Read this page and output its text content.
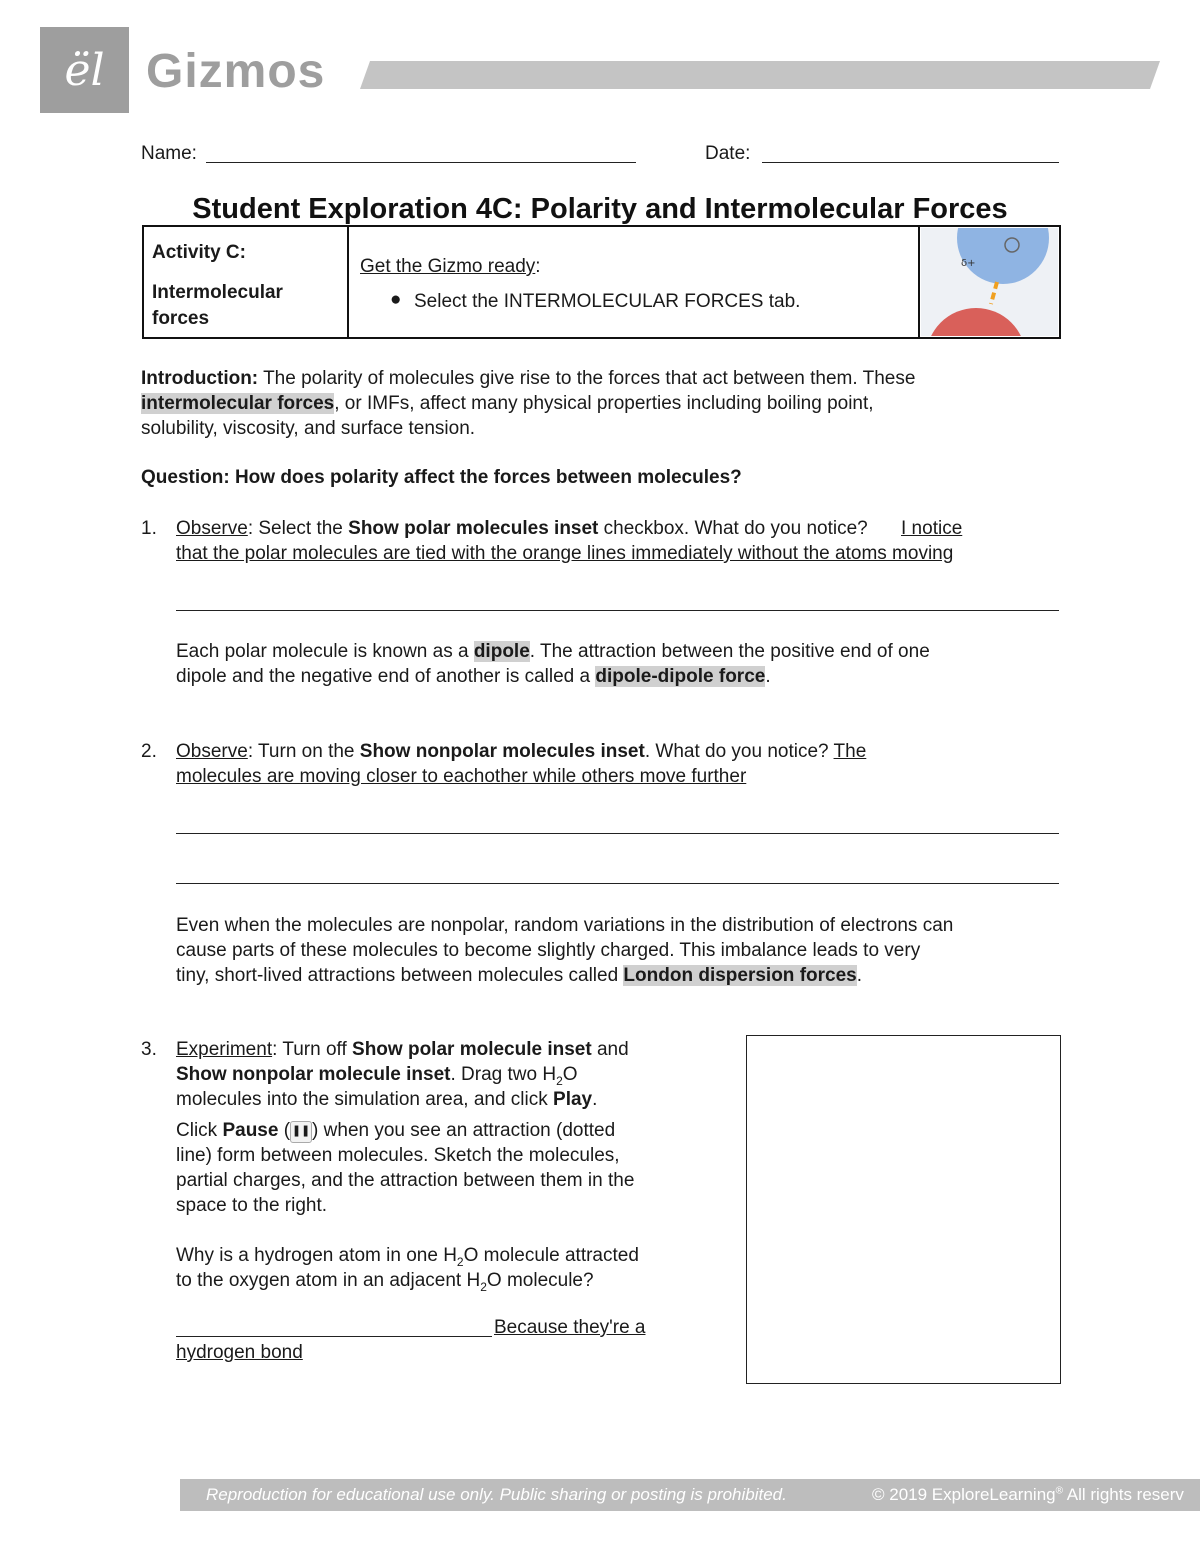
ël Gizmos
Name:	Date:
Student Exploration 4C: Polarity and Intermolecular Forces
Activity C:
Intermolecular forces
Get the Gizmo ready:
● Select the INTERMOLECULAR FORCES tab.
δ+
Introduction: The polarity of molecules give rise to the forces that act between them. These
intermolecular forces, or IMFs, affect many physical properties including boiling point,
solubility, viscosity, and surface tension.
Question: How does polarity affect the forces between molecules?
1. Observe: Select the Show polar molecules inset checkbox. What do you notice? I notice
that the polar molecules are tied with the orange lines immediately without the atoms moving
Each polar molecule is known as a dipole. The attraction between the positive end of one
dipole and the negative end of another is called a dipole-dipole force.
2. Observe: Turn on the Show nonpolar molecules inset. What do you notice? The
molecules are moving closer to eachother while others move further
Even when the molecules are nonpolar, random variations in the distribution of electrons can
cause parts of these molecules to become slightly charged. This imbalance leads to very
tiny, short-lived attractions between molecules called London dispersion forces.
3. Experiment: Turn off Show polar molecule inset and
Show nonpolar molecule inset. Drag two $H_2O$
molecules into the simulation area, and click Play.
Click Pause ( ❚❚) when you see an attraction (dotted
line) form between molecules. Sketch the molecules,
partial charges, and the attraction between them in the
space to the right.
Why is a hydrogen atom in one $H_2O$ molecule attracted
to the oxygen atom in an adjacent $H_2O$ molecule?
Because they're a
hydrogen bond
Reproduction for educational use only. Public sharing or posting is prohibited.	© 2019 ExploreLearning® All rights reserv
